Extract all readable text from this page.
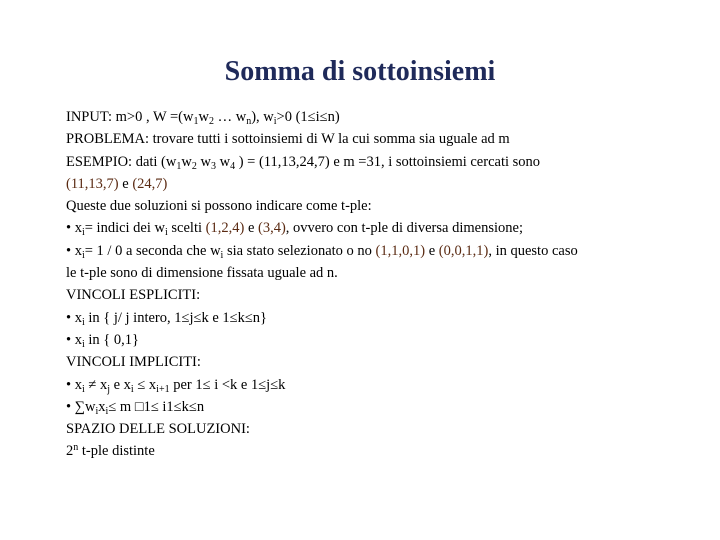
Somma di sottoinsiemi
INPUT: m>0 , $W =(w_1w_2$ … $w_n$), $w_i>0$ (1≤i≤n)
PROBLEMA: trovare tutti i sottoinsiemi di W la cui somma sia uguale ad m
ESEMPIO: dati ($w_1w_2$ $w_3$ $w_4$ ) = (11,13,24,7) e m =31, i sottoinsiemi cercati sono
(11,13,7) e (24,7)
Queste due soluzioni si possono indicare come t-ple:
• $x_i=$ indici dei $w_i$ scelti (1,2,4) e (3,4), ovvero con t-ple di diversa dimensione;
• $x_i= 1 / 0$ a seconda che $w_i$ sia stato selezionato o no (1,1,0,1) e (0,0,1,1), in questo caso
le t-ple sono di dimensione fissata uguale ad n.
VINCOLI ESPLICITI:
• $x_i$ in { j/ j intero, 1≤j≤k e 1≤k≤n}
• $x_i$ in { 0,1}
VINCOLI IMPLICITI:
• $x_i \ne x_j$ e $x_i \le x_{i+1}$ per 1≤ i <k e 1≤j≤k
• $\sum w_ix_i\le m$ □1≤ i1≤k≤n
SPAZIO DELLE SOLUZIONI:
2$^n$ t-ple distinte
